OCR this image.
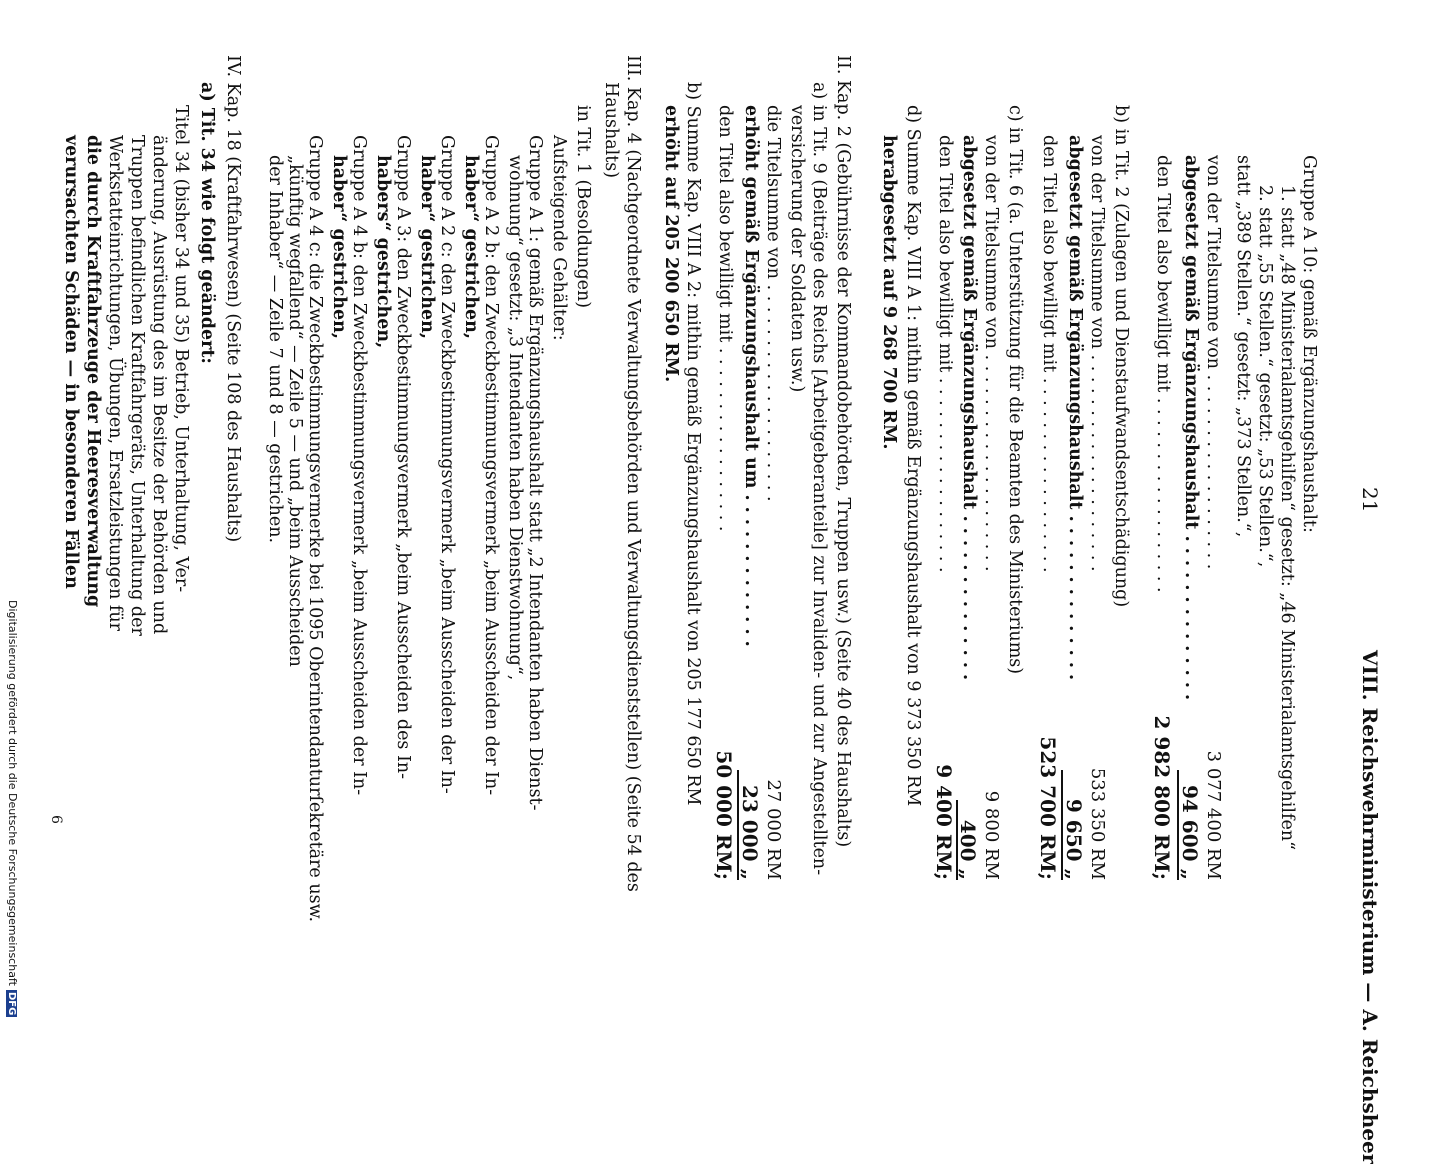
21
VIII. Reichswehrministerium — A. Reichsheer
Gruppe A 10: gemäß Ergänzungshaushalt:
1. statt „48 Ministerialamtsgehilfen“ gesetzt: „46 Ministerialamtsgehilfen“
2. statt „55 Stellen.“ gesetzt: „53 Stellen.“,
statt „389 Stellen.“ gesetzt: „373 Stellen.“,
von der Titelsumme von . . . . . . . . . . . . . . . . . .
abgesetzt gemäß Ergänzungshaushalt . . . . . . . . . . . . . .
den Titel also bewilligt mit . . . . . . . . . . . . . . . . . .
3 077 400 RM
94 600 „
2 982 800 RM;
b) in Tit. 2 (Zulagen und Dienstaufwandsentschädigung)
von der Titelsumme von . . . . . . . . . . . . . . . . . . . .
abgesetzt gemäß Ergänzungshaushalt . . . . . . . . . . . . . .
den Titel also bewilligt mit . . . . . . . . . . . . . . . . . .
533 350 RM
9 650 „
523 700 RM;
c) in Tit. 6 (a. Unterstützung für die Beamten des Ministeriums)
von der Titelsumme von . . . . . . . . . . . . . . . . . . . .
abgesetzt gemäß Ergänzungshaushalt . . . . . . . . . . . . . .
den Titel also bewilligt mit . . . . . . . . . . . . . . . . . .
9 800 RM
400 „
9 400 RM;
d) Summe Kap. VIII A 1: mithin gemäß Ergänzungshaushalt von 9 373 350 RM
herabgesetzt auf 9 268 700 RM.
II. Kap. 2 (Gebührnisse der Kommandobehörden, Truppen usw.) (Seite 40 des Haushalts)
a) in Tit. 9 (Beiträge des Reichs [Arbeitgeberanteile] zur Invaliden- und zur Angestellten-
versicherung der Soldaten usw.)
die Titelsumme von . . . . . . . . . . . . . . . . . . . .
erhöht gemäß Ergänzungshaushalt um . . . . . . . . . . . . .
den Titel also bewilligt mit . . . . . . . . . . . . . . . . .
27 000 RM
23 000 „
50 000 RM;
b) Summe Kap. VIII A 2: mithin gemäß Ergänzungshaushalt von 205 177 650 RM
erhöht auf 205 200 650 RM.
III. Kap. 4 (Nachgeordnete Verwaltungsbehörden und Verwaltungsdienststellen) (Seite 54 des
Haushalts)
in Tit. 1 (Besoldungen)
Aufsteigende Gehälter:
Gruppe A 1: gemäß Ergänzungshaushalt statt „2 Intendanten haben Dienst-
wohnung“ gesetzt: „3 Intendanten haben Dienstwohnung“,
Gruppe A 2 b: den Zweckbestimmungsvermerk „beim Ausscheiden der In-
haber“ gestrichen,
Gruppe A 2 c: den Zweckbestimmungsvermerk „beim Ausscheiden der In-
haber“ gestrichen,
Gruppe A 3: den Zweckbestimmungsvermerk „beim Ausscheiden des In-
habers“ gestrichen,
Gruppe A 4 b: den Zweckbestimmungsvermerk „beim Ausscheiden der In-
haber“ gestrichen,
Gruppe A 4 c: die Zweckbestimmungsvermerke bei 1095 Oberintendanturſekretäre usw.
„künftig wegfallend“ — Zeile 5 — und „beim Ausscheiden
der Inhaber“ — Zeile 7 und 8 — gestrichen.
IV. Kap. 18 (Kraftfahrwesen) (Seite 108 des Haushalts)
a) Tit. 34 wie folgt geändert:
Titel 34 (bisher 34 und 35) Betrieb, Unterhaltung, Ver-
änderung, Ausrüstung des im Besitze der Behörden und
Truppen befindlichen Kraftfahrgeräts, Unterhaltung der
Werkstatteinrichtungen, Übungen, Ersatzleistungen für
die durch Kraftfahrzeuge der Heeresverwaltung
verursachten Schäden — in besonderen Fällen
6
Digitalisierung gefördert durch die Deutsche ForschungsgemeinschaftDFG
